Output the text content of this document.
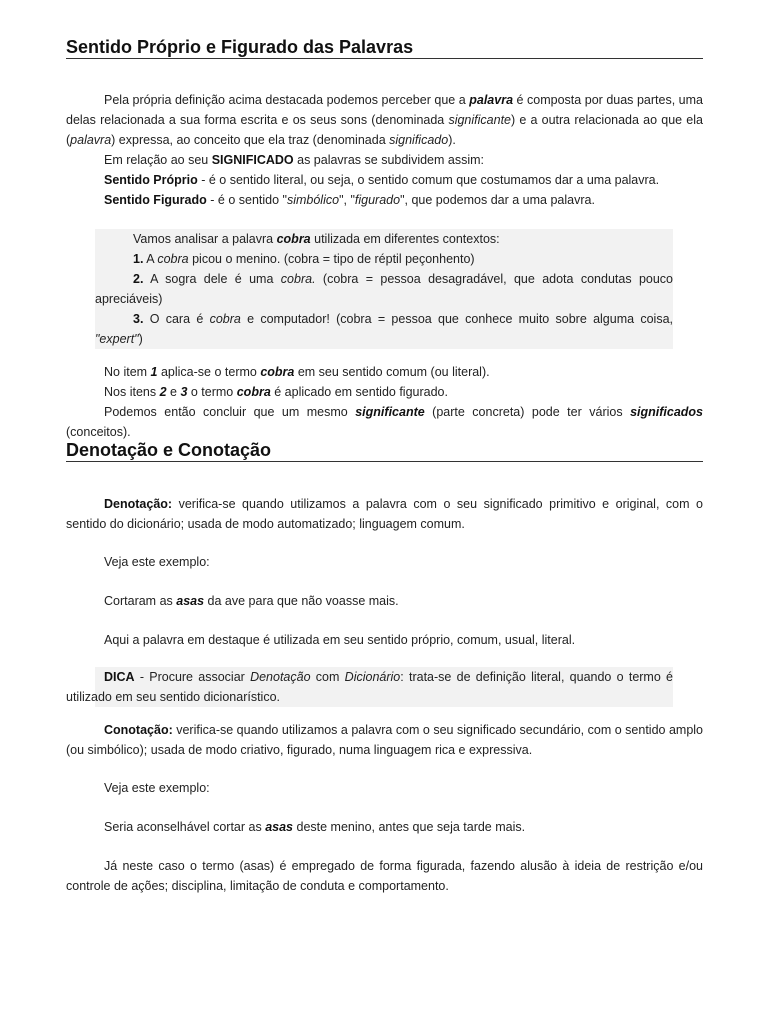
Sentido Próprio e Figurado das Palavras

Pela própria definição acima destacada podemos perceber que a palavra é composta por duas partes, uma delas relacionada a sua forma escrita e os seus sons (denominada significante) e a outra relacionada ao que ela (palavra) expressa, ao conceito que ela traz (denominada significado).

Em relação ao seu SIGNIFICADO as palavras se subdividem assim:

Sentido Próprio - é o sentido literal, ou seja, o sentido comum que costumamos dar a uma palavra.

Sentido Figurado - é o sentido "simbólico", "figurado", que podemos dar a uma palavra.

Vamos analisar a palavra cobra utilizada em diferentes contextos:

1. A cobra picou o menino. (cobra = tipo de réptil peçonhento)

2. A sogra dele é uma cobra. (cobra = pessoa desagradável, que adota condutas pouco apreciáveis)

3. O cara é cobra e computador! (cobra = pessoa que conhece muito sobre alguma coisa, "expert")

No item 1 aplica-se o termo cobra em seu sentido comum (ou literal).

Nos itens 2 e 3 o termo cobra é aplicado em sentido figurado.

Podemos então concluir que um mesmo significante (parte concreta) pode ter vários significados (conceitos).

Denotação e Conotação

Denotação: verifica-se quando utilizamos a palavra com o seu significado primitivo e original, com o sentido do dicionário; usada de modo automatizado; linguagem comum.

Veja este exemplo:

Cortaram as asas da ave para que não voasse mais.

Aqui a palavra em destaque é utilizada em seu sentido próprio, comum, usual, literal.

DICA - Procure associar Denotação com Dicionário: trata-se de definição literal, quando o termo é utilizado em seu sentido dicionarístico.

Conotação: verifica-se quando utilizamos a palavra com o seu significado secundário, com o sentido amplo (ou simbólico); usada de modo criativo, figurado, numa linguagem rica e expressiva.

Veja este exemplo:

Seria aconselhável cortar as asas deste menino, antes que seja tarde mais.

Já neste caso o termo (asas) é empregado de forma figurada, fazendo alusão à ideia de restrição e/ou controle de ações; disciplina, limitação de conduta e comportamento.
